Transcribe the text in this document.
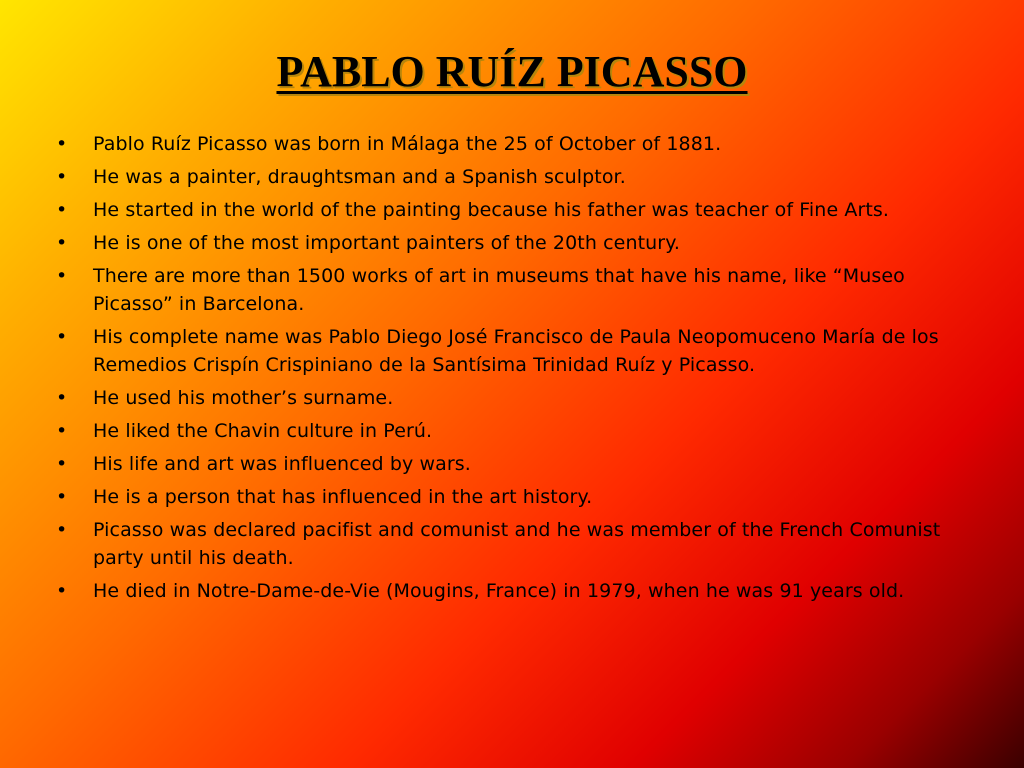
PABLO RUÍZ PICASSO
•	Pablo Ruíz Picasso was born in Málaga the 25 of October of 1881.
•	He was a painter, draughtsman and a Spanish sculptor.
•	He started in the world of the painting because his father was teacher of Fine Arts.
•	He is one of the most important painters of the 20th century.
•	There are more than 1500 works of art in museums that have his name, like “Museo Picasso” in Barcelona.
•	His complete name was Pablo Diego José Francisco de Paula Neopomuceno María de los Remedios Crispín Crispiniano de la Santísima Trinidad Ruíz y Picasso.
•	He used his mother’s surname.
•	He liked the Chavin culture in Perú.
•	His life and art was influenced by wars.
•	He is a person that has influenced in the art history.
•	Picasso was declared pacifist and comunist and he was member of the French Comunist party until his death.
•	He died in Notre-Dame-de-Vie (Mougins, France) in 1979, when he was 91 years old.
